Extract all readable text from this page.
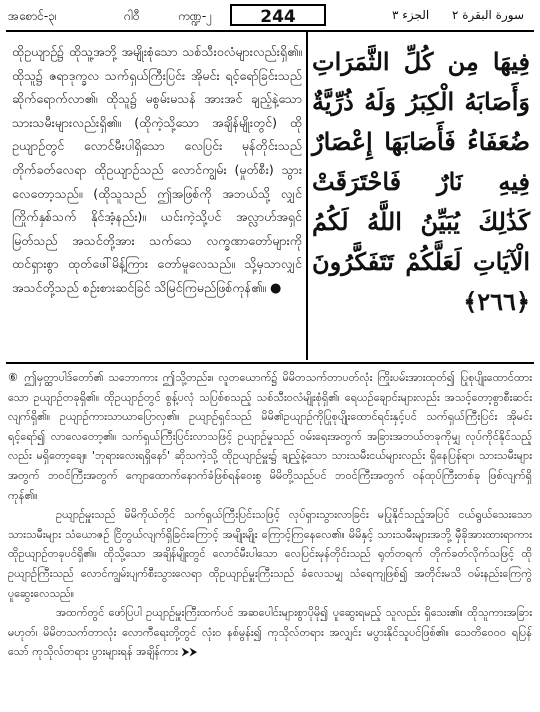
အစောင်-၃၊	ဂါဝီ	ကဏ္ဍ-၂	244	الجزء ٣ سورة البقرة ٢
ထိုဥယျာဉ်၌ ထိုသူ့အဘို့ အမျိုးစုံသော သစ်သီးဝလံများလည်းရှိ၏။ ထိုသူ၌ ဇရာဒုက္ခလ သက်ရှယ်ကြီးပြင်း အိုမင်း ရင့်ရော်ခြင်းသည် ဆိုက်ရောက်လာ၏၊ ထိုသူ၌ မစွမ်းမသန် အားအင် ချည့်နဲ့သော သားသမီးများလည်းရှိ၏။ (ထိုကဲ့သို့သော အချိန်မျိုးတွင်) ထိုဥယျာဉ်တွင် လောင်မီးပါရှိသော လေပြင်း မုန်တိုင်းသည် တိုက်ခတ်လေရာ ထိုဥယျာဉ်သည် လောင်ကျွမ်း (မှုတ်စီး) သွားလေတော့သည်။ (ထိုသူသည် ဤအဖြစ်ကို အဘယ်သို့ လျှင် ကြိုက်နှစ်သက် နိုင်အံ့နည်း)။ ယင်းကဲ့သို့ပင် အလ္လာဟ်အရှင်မြတ်သည် အသင်တို့အား သက်သေ လက္ခဏာတော်များကို ထင်ရှားစွာ ထုတ်ဖေါ်မိန့်ကြား တော်မူလေသည်။ သို့မှသာလျှင် အသင်တို့သည် စဉ်းစားဆင်ခြင် သိမြင်ကြမည်ဖြစ်ကုန်၏။ ●
فِيهَا مِن كُلِّ الثَّمَرَاتِ وَأَصَابَهُ الْكِبَرُ وَلَهُ ذُرِّيَّةٌ ضُعَفَاءُ فَأَصَابَهَا إِعْصَارٌ فِيهِ نَارٌ فَاحْتَرَقَتْ كَذَٰلِكَ يُبَيِّنُ اللَّهُ لَكُمُ الْآيَاتِ لَعَلَّكُمْ تَتَفَكَّرُونَ ﴿٢٦٦﴾

⑥ ဤမှတ္ထာပါဒ်တော်၏ သဘောကား ဤသို့တည်း။ လူတယောက်၌ မိမိတသက်တာပတ်လုံး ကြိုးပမ်းအားထုတ်၍ ပြုစုပျိုးထောင်ထားသော ဥယျာဉ်တခုရှိ၏။ ထိုဥယျာဉ်တွင် စွန့်ပလုံ သပြစ်စသည့် သစ်သီးဝလံမျိုးစုံရှိ၏၊ ရေယဉ်ချောင်းများလည်း အသင့်တော့စွာစီးဆင်းလျက်ရှိ၏။ ဥယျာဉ်ကားသာယာပြောလှ၏။ ဥယျာဉ်ရှင်သည် မိမိ၏ဥယျာဉ်ကိုပြုစုပျိုးထောင်ရင်းနှင့်ပင် သက်ရှယ်ကြီးပြင်း အိုမင်းရင့်ရော်၍ လာလေတော့၏။ သက်ရှယ်ကြီးပြင်းလာသဖြင့် ဥယျာဉ်မှုသည် ဝမ်းရေးအတွက် အခြားအဘယ်တခုကိုမျှ လုပ်ကိုင်နိုင်သည့်လည်း မရှိတော့ချေ။ 'ဘုရားလေးရရှိနော်' ဆိုသကဲ့သို့ ထိုဥယျာဉ်မှူး၌ ချည့်နဲ့သော သားသမီးငယ်များလည်း ရှိနေပြန်ရာ၊ သားသမီးများအတွက် ဘဝင်ကြီးအတွက် ကျောထောက်နောက်ခံဖြစ်ရန်ဝေးစွ မိမိတို့သည်ပင် ဘဝင်ကြီးအတွက် ဝန်ထုပ်ကြီးတစ်ခု ဖြစ်လျက်ရှိကုန်၏။

ဥယျာဉ်မှူးသည် မိမိကိုယ်တိုင် သက်ရှယ်ကြီးပြင်းသဖြင့် လုပ်ရှားသွားလာခြင်း မပြုနိုင်သည့်အပြင် ငယ်ရွယ်သေးသောသားသမီးများ သံယောဇဉ် ငြိတွယ်လျက်ရှိခြင်းကြောင့် အမျိုးမျိုး ကြောင့်ကြနေလေ၏။ မိမိနှင့် သားသမီးများအဘို့ မှီခိုအားထားရာကား ထိုဥယျာဉ်တခုပင်ရှိ၏။ ထိုသို့သော အချိန်မျိုးတွင် လောင်မီးပါသော လေပြင်းမုန်တိုင်းသည် ရုတ်တရက် တိုက်ခတ်လိုက်သဖြင့် ထိုဥယျာဉ်ကြီးသည် လောင်ကျွမ်းပျက်စီးသွားလေရာ ထိုဥယျာဉ်မှူးကြီးသည် ခံလေသမျှ သံရေကျဖြစ်၍ အတိုင်းမသိ ဝမ်းနည်းကြေကွဲ ပူဆွေးလေသည်။

အထက်တွင် ဖော်ပြပါ ဥယျာဉ်မှူးကြီးထက်ပင် အဆပေါင်းများစွာပိုမို၍ ပူဆွေးရမည့် သူလည်း ရှိသေး၏။ ထိုသူကားအခြားမဟုတ်၊ မိမိတသက်တာလုံး လောကီရေးတို့တွင် လုံးဝ နစ်မွန်း၍ ကုသိုလ်တရား အလျှင်း မပွားနိုင်သူပင်ဖြစ်၏။ သေတိဝေဝဝ ရပြန်သော် ကုသိုလ်တရား ပွားများရန် အချိန်ကား ⮞⮞
